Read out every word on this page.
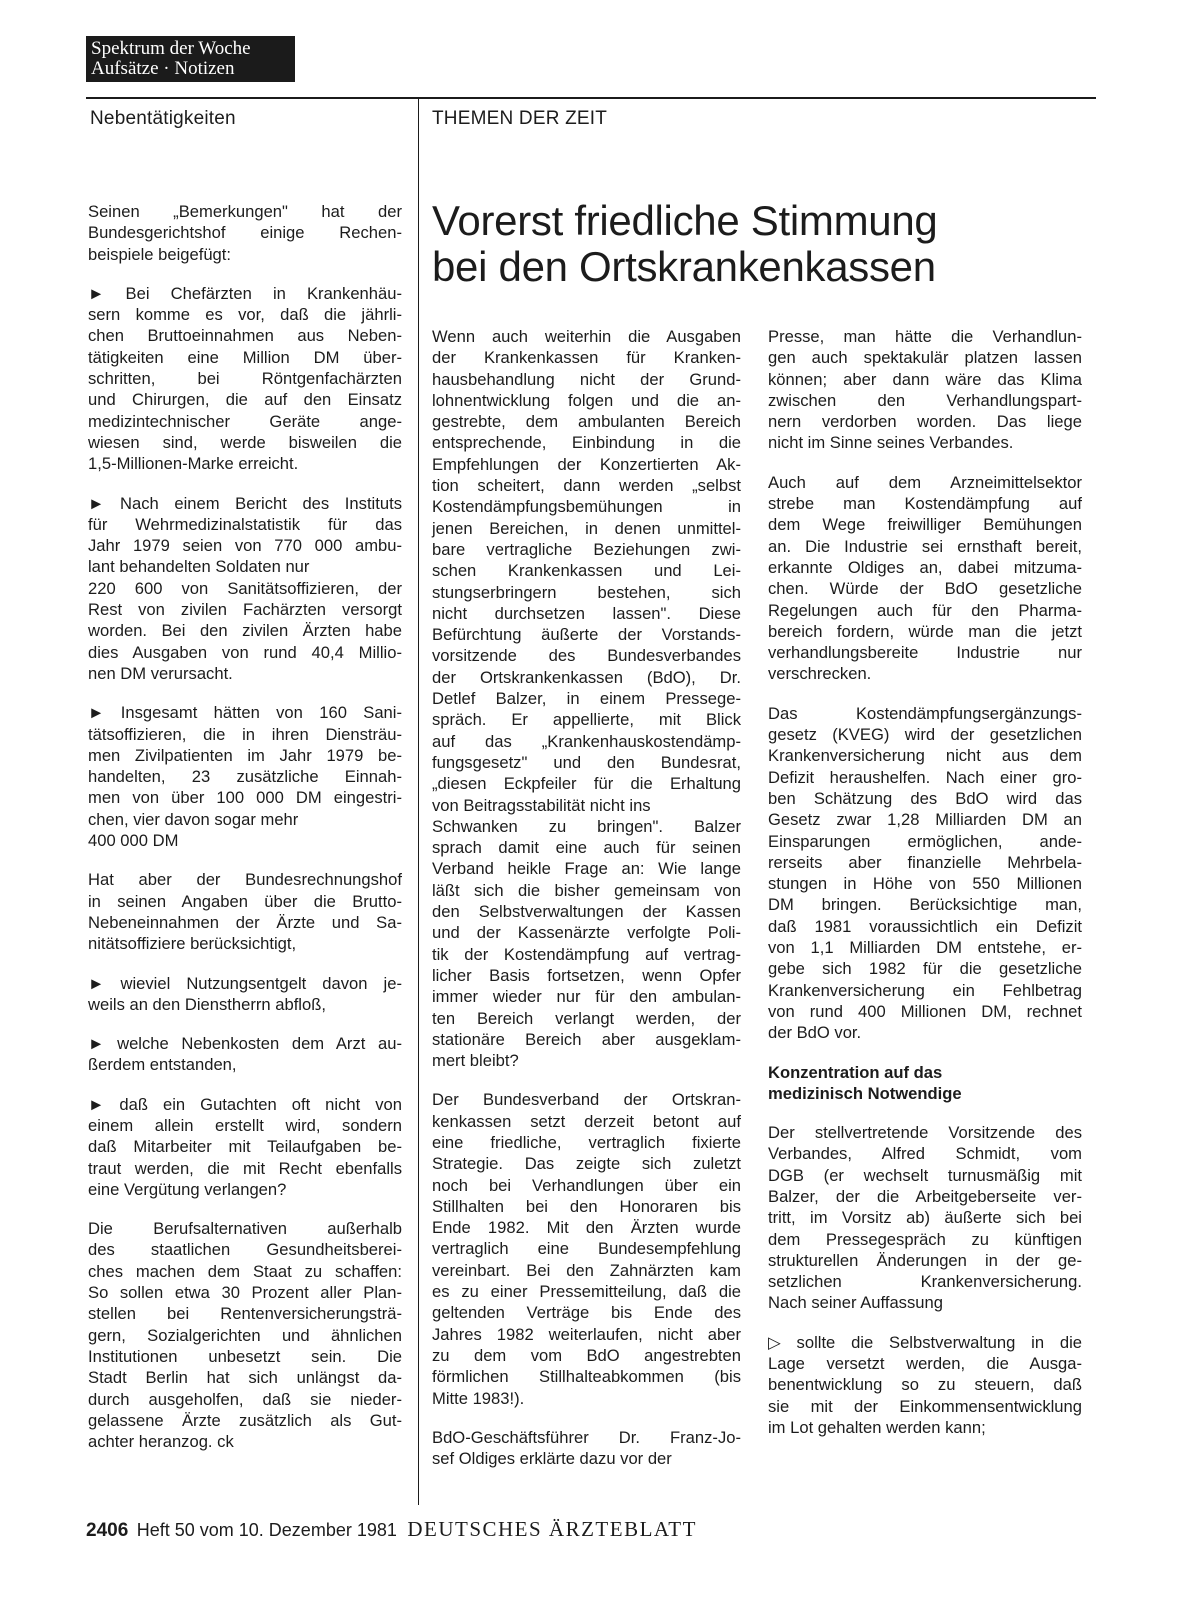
Spektrum der Woche
Aufsätze · Notizen
Nebentätigkeiten	THEMEN DER ZEIT
Vorerst friedliche Stimmung
bei den Ortskrankenkassen

Seinen „Bemerkungen" hat der
Bundesgerichtshof einige Rechen-
beispiele beigefügt:

► Bei Chefärzten in Krankenhäu-
sern komme es vor, daß die jährli-
chen Bruttoeinnahmen aus Neben-
tätigkeiten eine Million DM über-
schritten, bei Röntgenfachärzten
und Chirurgen, die auf den Einsatz
medizintechnischer Geräte ange-
wiesen sind, werde bisweilen die
1,5-Millionen-Marke erreicht.

► Nach einem Bericht des Instituts
für Wehrmedizinalstatistik für das
Jahr 1979 seien von 770 000 ambu-
lant behandelten Soldaten nur
220 600 von Sanitätsoffizieren, der
Rest von zivilen Fachärzten versorgt
worden. Bei den zivilen Ärzten habe
dies Ausgaben von rund 40,4 Millio-
nen DM verursacht.

► Insgesamt hätten von 160 Sani-
tätsoffizieren, die in ihren Diensträu-
men Zivilpatienten im Jahr 1979 be-
handelten, 23 zusätzliche Einnah-
men von über 100 000 DM eingestri-
chen, vier davon sogar mehr
400 000 DM

Hat aber der Bundesrechnungshof
in seinen Angaben über die Brutto-
Nebeneinnahmen der Ärzte und Sa-
nitätsoffiziere berücksichtigt,

► wieviel Nutzungsentgelt davon je-
weils an den Dienstherrn abfloß,

► welche Nebenkosten dem Arzt au-
ßerdem entstanden,

► daß ein Gutachten oft nicht von
einem allein erstellt wird, sondern
daß Mitarbeiter mit Teilaufgaben be-
traut werden, die mit Recht ebenfalls
eine Vergütung verlangen?

Die Berufsalternativen außerhalb
des staatlichen Gesundheitsberei-
ches machen dem Staat zu schaffen:
So sollen etwa 30 Prozent aller Plan-
stellen bei Rentenversicherungsträ-
gern, Sozialgerichten und ähnlichen
Institutionen unbesetzt sein. Die
Stadt Berlin hat sich unlängst da-
durch ausgeholfen, daß sie nieder-
gelassene Ärzte zusätzlich als Gut-
achter heranzog. ck

Wenn auch weiterhin die Ausgaben
der Krankenkassen für Kranken-
hausbehandlung nicht der Grund-
lohnentwicklung folgen und die an-
gestrebte, dem ambulanten Bereich
entsprechende, Einbindung in die
Empfehlungen der Konzertierten Ak-
tion scheitert, dann werden „selbst
Kostendämpfungsbemühungen in
jenen Bereichen, in denen unmittel-
bare vertragliche Beziehungen zwi-
schen Krankenkassen und Lei-
stungserbringern bestehen, sich
nicht durchsetzen lassen". Diese
Befürchtung äußerte der Vorstands-
vorsitzende des Bundesverbandes
der Ortskrankenkassen (BdO), Dr.
Detlef Balzer, in einem Pressege-
spräch. Er appellierte, mit Blick
auf das „Krankenhauskostendämp-
fungsgesetz" und den Bundesrat,
„diesen Eckpfeiler für die Erhaltung
von Beitragsstabilität nicht ins
Schwanken zu bringen". Balzer
sprach damit eine auch für seinen
Verband heikle Frage an: Wie lange
läßt sich die bisher gemeinsam von
den Selbstverwaltungen der Kassen
und der Kassenärzte verfolgte Poli-
tik der Kostendämpfung auf vertrag-
licher Basis fortsetzen, wenn Opfer
immer wieder nur für den ambulan-
ten Bereich verlangt werden, der
stationäre Bereich aber ausgeklam-
mert bleibt?

Der Bundesverband der Ortskran-
kenkassen setzt derzeit betont auf
eine friedliche, vertraglich fixierte
Strategie. Das zeigte sich zuletzt
noch bei Verhandlungen über ein
Stillhalten bei den Honoraren bis
Ende 1982. Mit den Ärzten wurde
vertraglich eine Bundesempfehlung
vereinbart. Bei den Zahnärzten kam
es zu einer Pressemitteilung, daß die
geltenden Verträge bis Ende des
Jahres 1982 weiterlaufen, nicht aber
zu dem vom BdO angestrebten
förmlichen Stillhalteabkommen (bis
Mitte 1983!).

BdO-Geschäftsführer Dr. Franz-Jo-
sef Oldiges erklärte dazu vor der

Presse, man hätte die Verhandlun-
gen auch spektakulär platzen lassen
können; aber dann wäre das Klima
zwischen den Verhandlungspart-
nern verdorben worden. Das liege
nicht im Sinne seines Verbandes.

Auch auf dem Arzneimittelsektor
strebe man Kostendämpfung auf
dem Wege freiwilliger Bemühungen
an. Die Industrie sei ernsthaft bereit,
erkannte Oldiges an, dabei mitzuma-
chen. Würde der BdO gesetzliche
Regelungen auch für den Pharma-
bereich fordern, würde man die jetzt
verhandlungsbereite Industrie nur
verschrecken.

Das Kostendämpfungsergänzungs-
gesetz (KVEG) wird der gesetzlichen
Krankenversicherung nicht aus dem
Defizit heraushelfen. Nach einer gro-
ben Schätzung des BdO wird das
Gesetz zwar 1,28 Milliarden DM an
Einsparungen ermöglichen, ande-
rerseits aber finanzielle Mehrbela-
stungen in Höhe von 550 Millionen
DM bringen. Berücksichtige man,
daß 1981 voraussichtlich ein Defizit
von 1,1 Milliarden DM entstehe, er-
gebe sich 1982 für die gesetzliche
Krankenversicherung ein Fehlbetrag
von rund 400 Millionen DM, rechnet
der BdO vor.

Konzentration auf das
medizinisch Notwendige

Der stellvertretende Vorsitzende des
Verbandes, Alfred Schmidt, vom
DGB (er wechselt turnusmäßig mit
Balzer, der die Arbeitgeberseite ver-
tritt, im Vorsitz ab) äußerte sich bei
dem Pressegespräch zu künftigen
strukturellen Änderungen in der ge-
setzlichen Krankenversicherung.
Nach seiner Auffassung

▷ sollte die Selbstverwaltung in die
Lage versetzt werden, die Ausga-
benentwicklung so zu steuern, daß
sie mit der Einkommensentwicklung
im Lot gehalten werden kann;

2406 Heft 50 vom 10. Dezember 1981 DEUTSCHES ÄRZTEBLATT
